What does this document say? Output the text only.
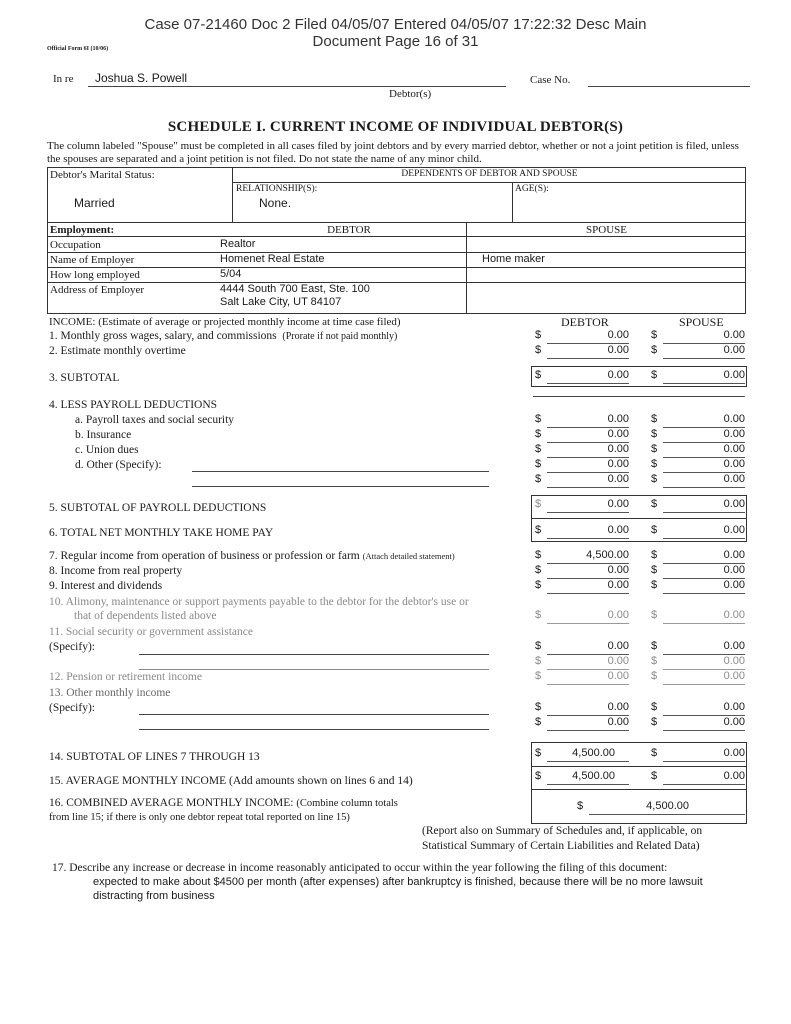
Case 07-21460 Doc 2 Filed 04/05/07 Entered 04/05/07 17:22:32 Desc Main
Document Page 16 of 31
Official Form 6I (10/06)
In re Joshua S. Powell
Debtor(s)
Case No.
SCHEDULE I. CURRENT INCOME OF INDIVIDUAL DEBTOR(S)
The column labeled "Spouse" must be completed in all cases filed by joint debtors and by every married debtor, whether or not a joint petition is filed, unless the spouses are separated and a joint petition is not filed. Do not state the name of any minor child.
Debtor's Marital Status:
Married
DEPENDENTS OF DEBTOR AND SPOUSE
RELATIONSHIP(S):
None.
AGE(S):
Employment:	DEBTOR	SPOUSE
Occupation	Realtor
Name of Employer	Homenet Real Estate	Home maker
How long employed	5/04
Address of Employer	4444 South 700 East, Ste. 100
Salt Lake City, UT 84107
INCOME: (Estimate of average or projected monthly income at time case filed)	DEBTOR	SPOUSE
1. Monthly gross wages, salary, and commissions (Prorate if not paid monthly)	$	0.00 $	0.00
2. Estimate monthly overtime	$	0.00 $	0.00
3. SUBTOTAL	$	0.00 $	0.00
4. LESS PAYROLL DEDUCTIONS
a. Payroll taxes and social security	$	0.00 $	0.00
b. Insurance	$	0.00 $	0.00
c. Union dues	$	0.00 $	0.00
d. Other (Specify):	$	0.00 $	0.00
$	0.00 $	0.00
5. SUBTOTAL OF PAYROLL DEDUCTIONS	$	0.00 $	0.00
6. TOTAL NET MONTHLY TAKE HOME PAY	$	0.00 $	0.00
7. Regular income from operation of business or profession or farm (Attach detailed statement)	$	4,500.00 $	0.00
8. Income from real property	$	0.00 $	0.00
9. Interest and dividends	$	0.00 $	0.00
10. Alimony, maintenance or support payments payable to the debtor for the debtor's use or
that of dependents listed above	$	0.00 $	0.00
11. Social security or government assistance
(Specify):	$	0.00 $	0.00
$	0.00 $	0.00
12. Pension or retirement income	$	0.00 $	0.00
13. Other monthly income
(Specify):	$	0.00 $	0.00
$	0.00 $	0.00
14. SUBTOTAL OF LINES 7 THROUGH 13	$	4,500.00	$	0.00
15. AVERAGE MONTHLY INCOME (Add amounts shown on lines 6 and 14)	$	4,500.00	$	0.00
16. COMBINED AVERAGE MONTHLY INCOME: (Combine column totals
from line 15; if there is only one debtor repeat total reported on line 15)
$	4,500.00
(Report also on Summary of Schedules and, if applicable, on
Statistical Summary of Certain Liabilities and Related Data)
17. Describe any increase or decrease in income reasonably anticipated to occur within the year following the filing of this document:
expected to make about $4500 per month (after expenses) after bankruptcy is finished, because there will be no more lawsuit
distracting from business
